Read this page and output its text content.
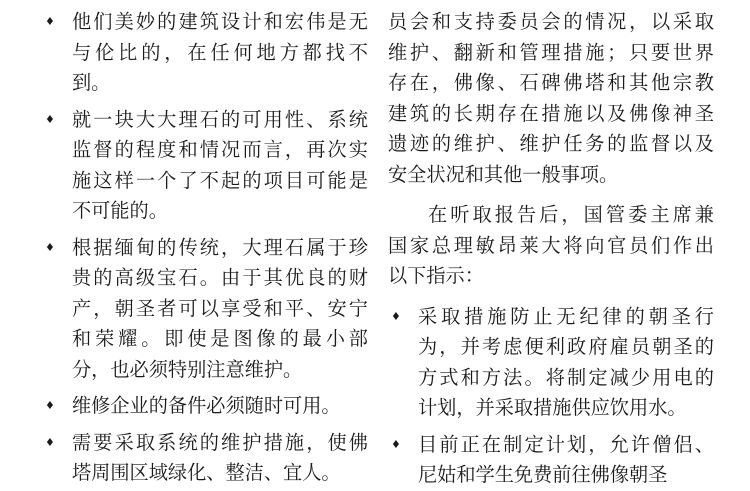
♦ 他们美妙的建筑设计和宏伟是无
与伦比的，在任何地方都找不
到。
♦ 就一块大大理石的可用性、系统
监督的程度和情况而言，再次实
施这样一个了不起的项目可能是
不可能的。
♦ 根据缅甸的传统，大理石属于珍
贵的高级宝石。由于其优良的财
产，朝圣者可以享受和平、安宁
和荣耀。即使是图像的最小部
分，也必须特别注意维护。
♦ 维修企业的备件必须随时可用。
♦ 需要采取系统的维护措施，使佛
塔周围区域绿化、整洁、宜人。
员会和支持委员会的情况，以采取
维护、翻新和管理措施；只要世界
存在，佛像、石碑佛塔和其他宗教
建筑的长期存在措施以及佛像神圣
遗迹的维护、维护任务的监督以及
安全状况和其他一般事项。
在听取报告后，国管委主席兼
国家总理敏昂莱大将向官员们作出
以下指示：
♦ 采取措施防止无纪律的朝圣行
为，并考虑便利政府雇员朝圣的
方式和方法。将制定减少用电的
计划，并采取措施供应饮用水。
♦ 目前正在制定计划，允许僧侣、
尼姑和学生免费前往佛像朝圣
